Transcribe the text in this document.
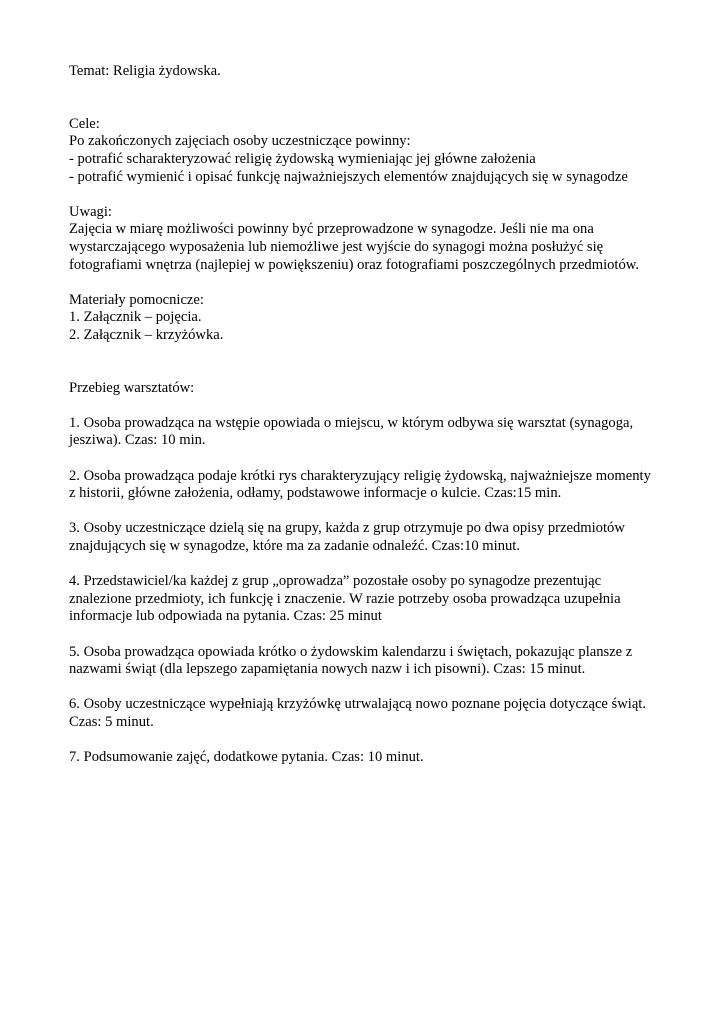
Temat: Religia żydowska.

Cele:
Po zakończonych zajęciach osoby uczestniczące powinny:
- potrafić scharakteryzować religię żydowską wymieniając jej główne założenia
- potrafić wymienić i opisać funkcję najważniejszych elementów znajdujących się w synagodze

Uwagi:
Zajęcia w miarę możliwości powinny być przeprowadzone w synagodze. Jeśli nie ma ona
wystarczającego wyposażenia lub niemożliwe jest wyjście do synagogi można posłużyć się
fotografiami wnętrza (najlepiej w powiększeniu) oraz fotografiami poszczególnych przedmiotów.

Materiały pomocnicze:
1. Załącznik – pojęcia.
2. Załącznik – krzyżówka.

Przebieg warsztatów:

1. Osoba prowadząca na wstępie opowiada o miejscu, w którym odbywa się warsztat (synagoga,
jesziwa). Czas: 10 min.

2. Osoba prowadząca podaje krótki rys charakteryzujący religię żydowską, najważniejsze momenty
z historii, główne założenia, odłamy, podstawowe informacje o kulcie. Czas:15 min.

3. Osoby uczestniczące dzielą się na grupy, każda z grup otrzymuje po dwa opisy przedmiotów
znajdujących się w synagodze, które ma za zadanie odnaleźć. Czas:10 minut.

4. Przedstawiciel/ka każdej z grup „oprowadza” pozostałe osoby po synagodze prezentując
znalezione przedmioty, ich funkcję i znaczenie. W razie potrzeby osoba prowadząca uzupełnia
informacje lub odpowiada na pytania. Czas: 25 minut

5. Osoba prowadząca opowiada krótko o żydowskim kalendarzu i świętach, pokazując plansze z
nazwami świąt (dla lepszego zapamiętania nowych nazw i ich pisowni). Czas: 15 minut.

6. Osoby uczestniczące wypełniają krzyżówkę utrwalającą nowo poznane pojęcia dotyczące świąt.
Czas: 5 minut.

7. Podsumowanie zajęć, dodatkowe pytania. Czas: 10 minut.
